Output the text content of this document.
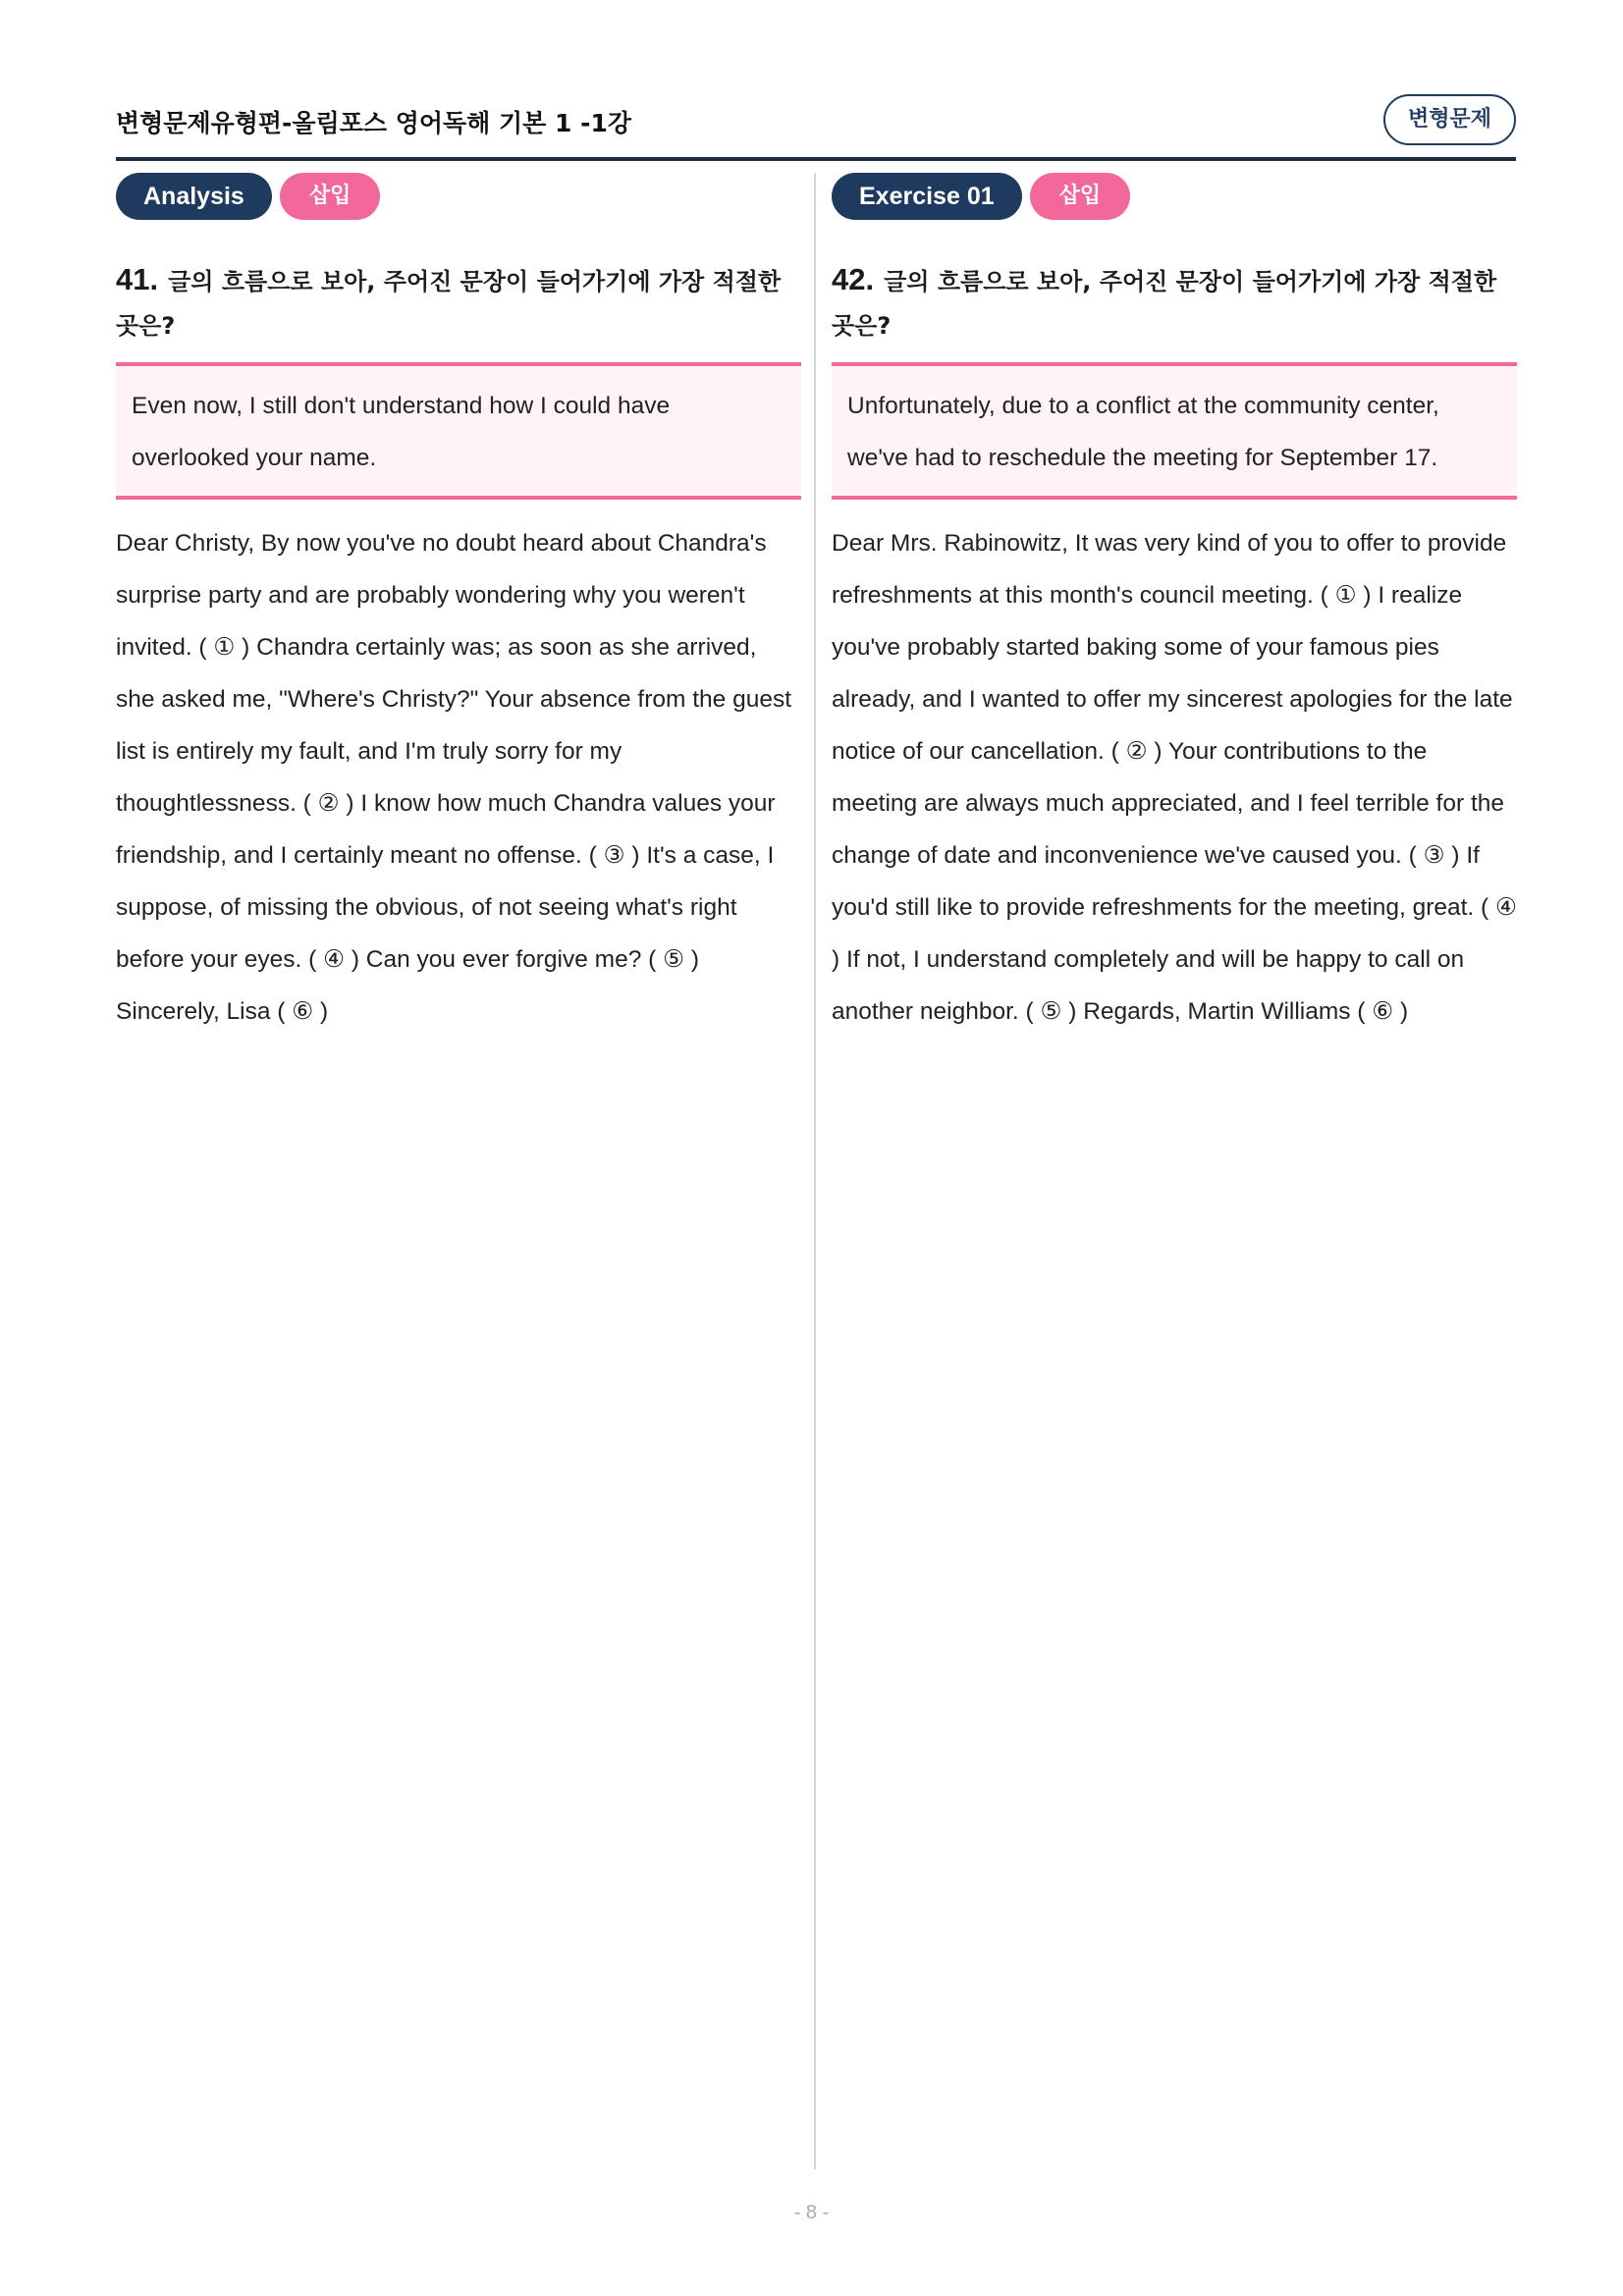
변형문제유형편-올림포스 영어독해 기본 1 -1강	변형문제
Analysis	삽입
41. 글의 흐름으로 보아, 주어진 문장이 들어가기에 가장 적절한 곳은?
Even now, I still don't understand how I could have overlooked your name.
Dear Christy, By now you've no doubt heard about Chandra's surprise party and are probably wondering why you weren't invited. ( ① ) Chandra certainly was; as soon as she arrived, she asked me, "Where's Christy?" Your absence from the guest list is entirely my fault, and I'm truly sorry for my thoughtlessness. ( ② ) I know how much Chandra values your friendship, and I certainly meant no offense. ( ③ ) It's a case, I suppose, of missing the obvious, of not seeing what's right before your eyes. ( ④ ) Can you ever forgive me? ( ⑤ ) Sincerely, Lisa ( ⑥ )
Exercise 01	삽입
42. 글의 흐름으로 보아, 주어진 문장이 들어가기에 가장 적절한 곳은?
Unfortunately, due to a conflict at the community center, we've had to reschedule the meeting for September 17.
Dear Mrs. Rabinowitz, It was very kind of you to offer to provide refreshments at this month's council meeting. ( ① ) I realize you've probably started baking some of your famous pies already, and I wanted to offer my sincerest apologies for the late notice of our cancellation. ( ② ) Your contributions to the meeting are always much appreciated, and I feel terrible for the change of date and inconvenience we've caused you. ( ③ ) If you'd still like to provide refreshments for the meeting, great. ( ④ ) If not, I understand completely and will be happy to call on another neighbor. ( ⑤ ) Regards, Martin Williams ( ⑥ )
- 8 -
